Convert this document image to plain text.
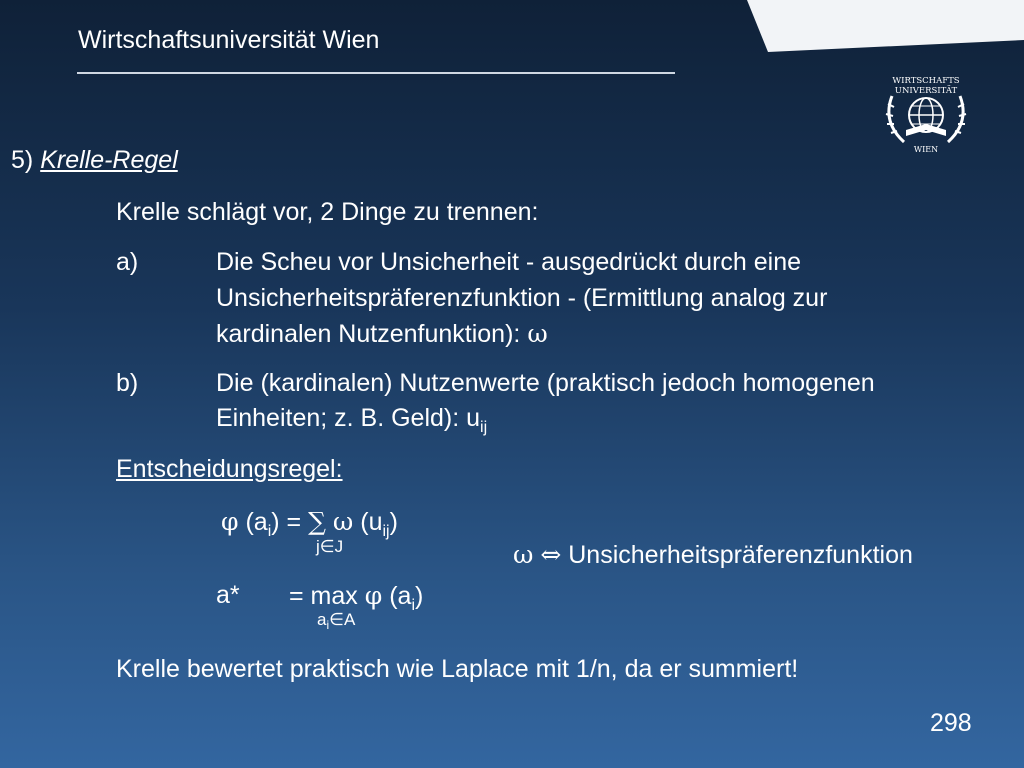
Wirtschaftsuniversität Wien
WIRTSCHAFTS
UNIVERSITÄT
WIEN
5) Krelle-Regel
Krelle schlägt vor, 2 Dinge zu trennen:
a)	Die Scheu vor Unsicherheit - ausgedrückt durch eine
Unsicherheitspräferenzfunktion - (Ermittlung analog zur
kardinalen Nutzenfunktion): ω
b)	Die (kardinalen) Nutzenwerte (praktisch jedoch homogenen
Einheiten; z. B. Geld): $u_{ij}$
Entscheidungsregel:
φ $(a_i)$ = ∑ ω $(u_{ij})$
j∈J	ω ⇔ Unsicherheitspräferenzfunktion
a* = max φ $(a_i)$
$a_i\in A$
Krelle bewertet praktisch wie Laplace mit 1/n, da er summiert!
298
